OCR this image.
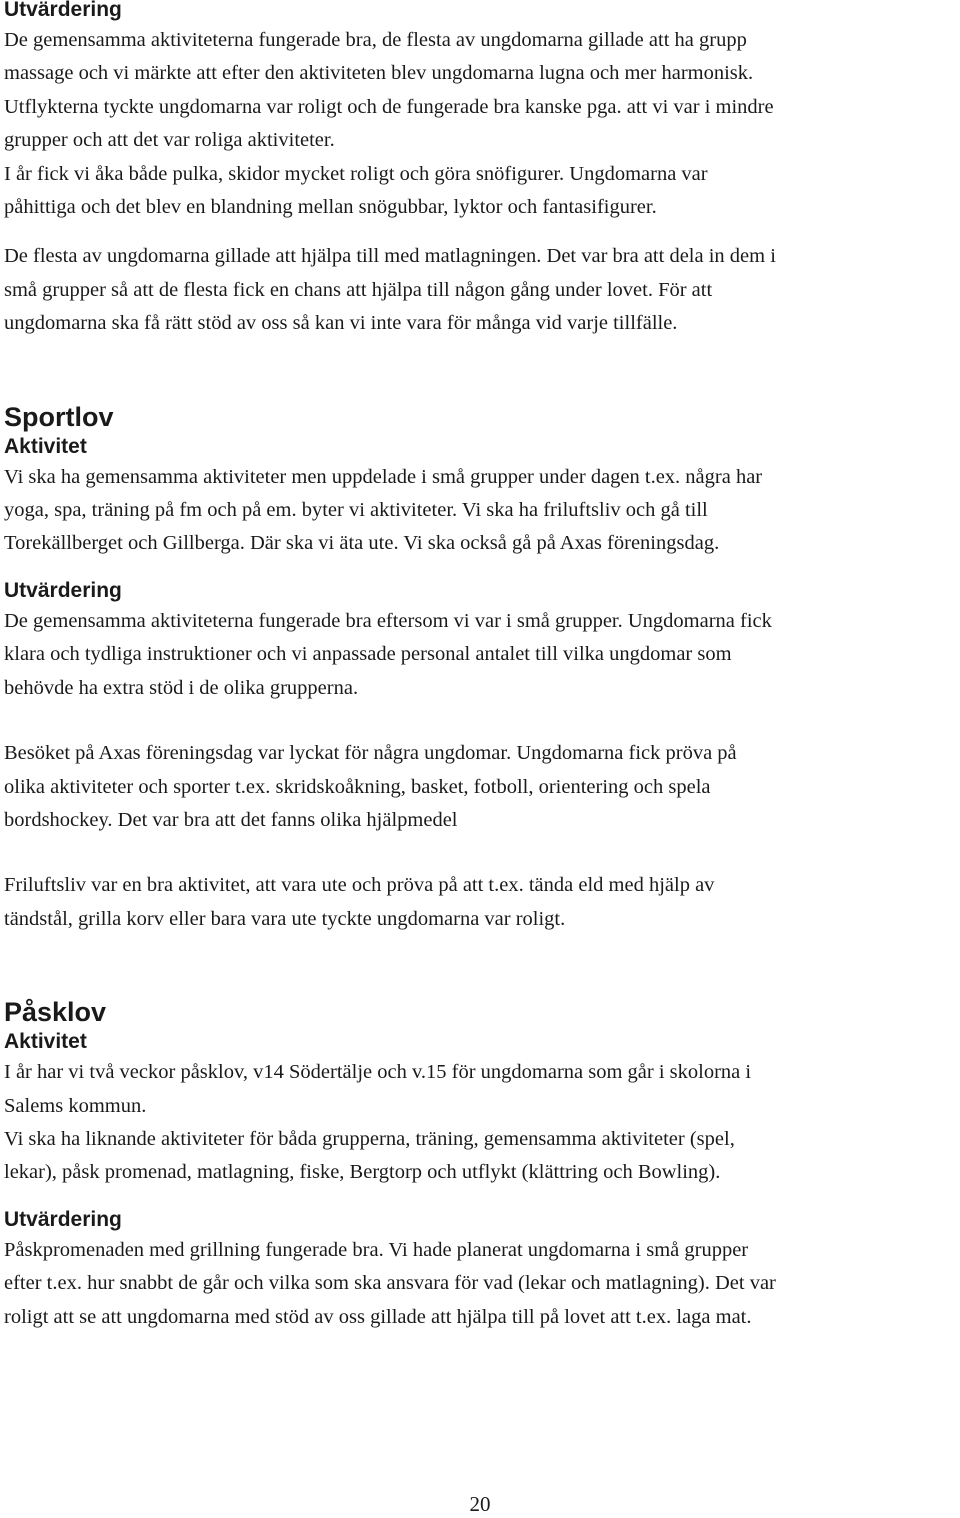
Utvärdering

De gemensamma aktiviteterna fungerade bra, de flesta av ungdomarna gillade att ha grupp
massage och vi märkte att efter den aktiviteten blev ungdomarna lugna och mer harmonisk.
Utflykterna tyckte ungdomarna var roligt och de fungerade bra kanske pga. att vi var i mindre
grupper och att det var roliga aktiviteter.
I år fick vi åka både pulka, skidor mycket roligt och göra snöfigurer. Ungdomarna var
påhittiga och det blev en blandning mellan snögubbar, lyktor och fantasifigurer.

De flesta av ungdomarna gillade att hjälpa till med matlagningen. Det var bra att dela in dem i
små grupper så att de flesta fick en chans att hjälpa till någon gång under lovet. För att
ungdomarna ska få rätt stöd av oss så kan vi inte vara för många vid varje tillfälle.

Sportlov
Aktivitet

Vi ska ha gemensamma aktiviteter men uppdelade i små grupper under dagen t.ex. några har
yoga, spa, träning på fm och på em. byter vi aktiviteter. Vi ska ha friluftsliv och gå till
Torekällberget och Gillberga. Där ska vi äta ute. Vi ska också gå på Axas föreningsdag.

Utvärdering

De gemensamma aktiviteterna fungerade bra eftersom vi var i små grupper. Ungdomarna fick
klara och tydliga instruktioner och vi anpassade personal antalet till vilka ungdomar som
behövde ha extra stöd i de olika grupperna.

Besöket på Axas föreningsdag var lyckat för några ungdomar. Ungdomarna fick pröva på
olika aktiviteter och sporter t.ex. skridskoåkning, basket, fotboll, orientering och spela
bordshockey. Det var bra att det fanns olika hjälpmedel

Friluftsliv var en bra aktivitet, att vara ute och pröva på att t.ex. tända eld med hjälp av
tändstål, grilla korv eller bara vara ute tyckte ungdomarna var roligt.

Påsklov
Aktivitet

I år har vi två veckor påsklov, v14 Södertälje och v.15 för ungdomarna som går i skolorna i
Salems kommun.

Vi ska ha liknande aktiviteter för båda grupperna, träning, gemensamma aktiviteter (spel,
lekar), påsk promenad, matlagning, fiske, Bergtorp och utflykt (klättring och Bowling).

Utvärdering

Påskpromenaden med grillning fungerade bra. Vi hade planerat ungdomarna i små grupper
efter t.ex. hur snabbt de går och vilka som ska ansvara för vad (lekar och matlagning). Det var
roligt att se att ungdomarna med stöd av oss gillade att hjälpa till på lovet att t.ex. laga mat.

20
